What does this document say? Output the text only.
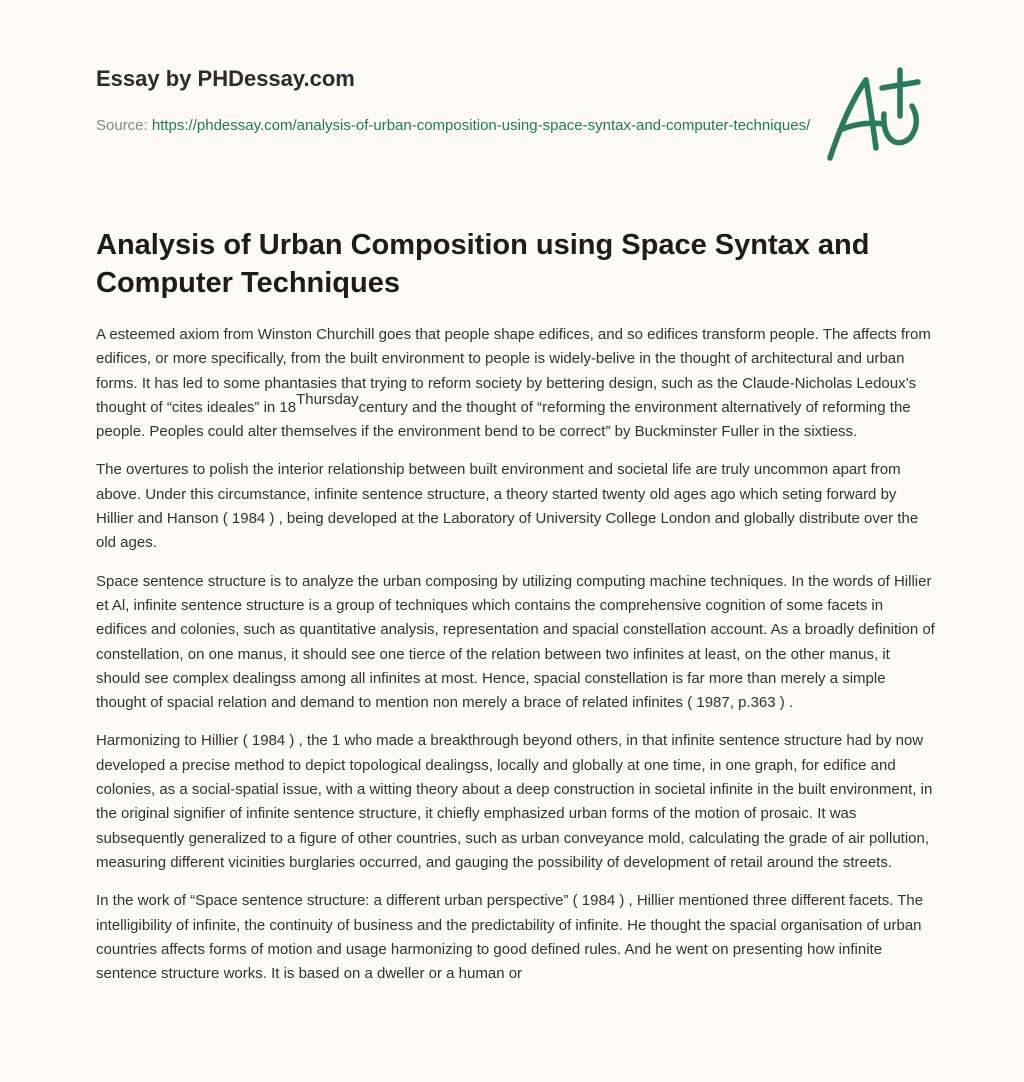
Essay by PHDessay.com
Source: https://phdessay.com/analysis-of-urban-composition-using-space-syntax-and-computer-techniques/
Analysis of Urban Composition using Space Syntax and Computer Techniques

A esteemed axiom from Winston Churchill goes that people shape edifices, and so edifices transform people. The affects from edifices, or more specifically, from the built environment to people is widely-belive in the thought of architectural and urban forms. It has led to some phantasies that trying to reform society by bettering design, such as the Claude-Nicholas Ledoux’s thought of “cites ideales” in $18^{Thursday}century$ and the thought of “reforming the environment alternatively of reforming the people. Peoples could alter themselves if the environment bend to be correct” by Buckminster Fuller in the sixtiess.

The overtures to polish the interior relationship between built environment and societal life are truly uncommon apart from above. Under this circumstance, infinite sentence structure, a theory started twenty old ages ago which seting forward by Hillier and Hanson ( 1984 ) , being developed at the Laboratory of University College London and globally distribute over the old ages.

Space sentence structure is to analyze the urban composing by utilizing computing machine techniques. In the words of Hillier et Al, infinite sentence structure is a group of techniques which contains the comprehensive cognition of some facets in edifices and colonies, such as quantitative analysis, representation and spacial constellation account. As a broadly definition of constellation, on one manus, it should see one tierce of the relation between two infinites at least, on the other manus, it should see complex dealingss among all infinites at most. Hence, spacial constellation is far more than merely a simple thought of spacial relation and demand to mention non merely a brace of related infinites ( 1987, p.363 ) .

Harmonizing to Hillier ( 1984 ) , the 1 who made a breakthrough beyond others, in that infinite sentence structure had by now developed a precise method to depict topological dealingss, locally and globally at one time, in one graph, for edifice and colonies, as a social-spatial issue, with a witting theory about a deep construction in societal infinite in the built environment, in the original signifier of infinite sentence structure, it chiefly emphasized urban forms of the motion of prosaic. It was subsequently generalized to a figure of other countries, such as urban conveyance mold, calculating the grade of air pollution, measuring different vicinities burglaries occurred, and gauging the possibility of development of retail around the streets.

In the work of “Space sentence structure: a different urban perspective” ( 1984 ) , Hillier mentioned three different facets. The intelligibility of infinite, the continuity of business and the predictability of infinite. He thought the spacial organisation of urban countries affects forms of motion and usage harmonizing to good defined rules. And he went on presenting how infinite sentence structure works. It is based on a dweller or a human or
